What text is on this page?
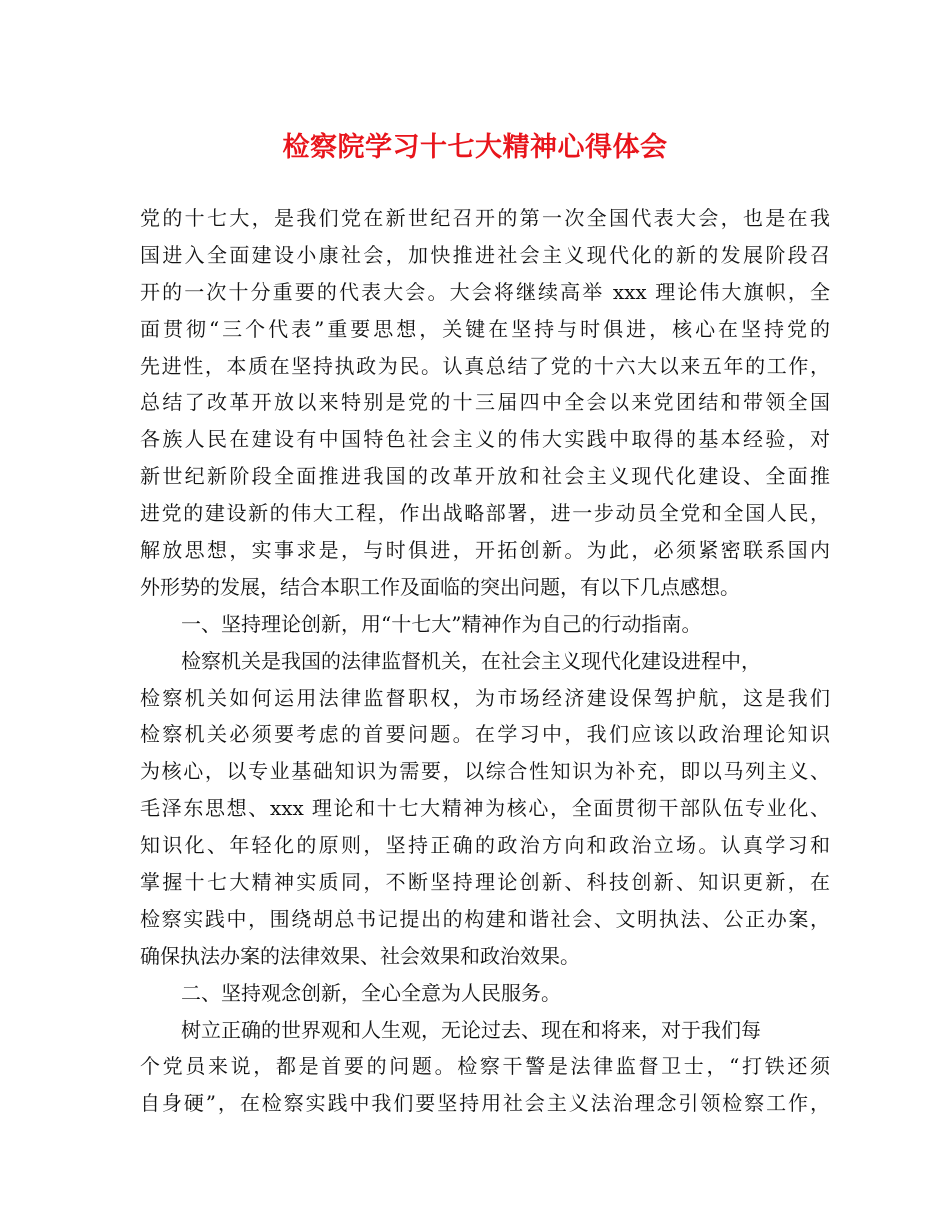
检察院学习十七大精神心得体会
党的十七大，是我们党在新世纪召开的第一次全国代表大会，也是在我
国进入全面建设小康社会，加快推进社会主义现代化的新的发展阶段召
开的一次十分重要的代表大会。大会将继续高举 xxx 理论伟大旗帜，全
面贯彻“三个代表”重要思想，关键在坚持与时俱进，核心在坚持党的
先进性，本质在坚持执政为民。认真总结了党的十六大以来五年的工作，
总结了改革开放以来特别是党的十三届四中全会以来党团结和带领全国
各族人民在建设有中国特色社会主义的伟大实践中取得的基本经验，对
新世纪新阶段全面推进我国的改革开放和社会主义现代化建设、全面推
进党的建设新的伟大工程，作出战略部署，进一步动员全党和全国人民，
解放思想，实事求是，与时俱进，开拓创新。为此，必须紧密联系国内
外形势的发展，结合本职工作及面临的突出问题，有以下几点感想。
一、坚持理论创新，用“十七大”精神作为自己的行动指南。
检察机关是我国的法律监督机关，在社会主义现代化建设进程中，
检察机关如何运用法律监督职权，为市场经济建设保驾护航，这是我们
检察机关必须要考虑的首要问题。在学习中，我们应该以政治理论知识
为核心，以专业基础知识为需要，以综合性知识为补充，即以马列主义、
毛泽东思想、xxx 理论和十七大精神为核心，全面贯彻干部队伍专业化、
知识化、年轻化的原则，坚持正确的政治方向和政治立场。认真学习和
掌握十七大精神实质同，不断坚持理论创新、科技创新、知识更新，在
检察实践中，围绕胡总书记提出的构建和谐社会、文明执法、公正办案，
确保执法办案的法律效果、社会效果和政治效果。
二、坚持观念创新，全心全意为人民服务。
树立正确的世界观和人生观，无论过去、现在和将来，对于我们每
个党员来说，都是首要的问题。检察干警是法律监督卫士，“打铁还须
自身硬”，在检察实践中我们要坚持用社会主义法治理念引领检察工作，
